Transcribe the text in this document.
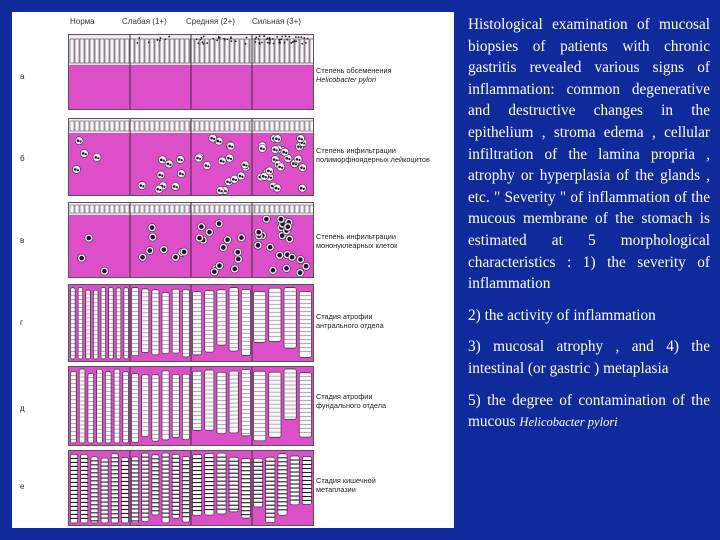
Норма	Слабая (1+) Средняя (2+) Сильная (3+)
а
Степень обсеменения
Helicobacter pylori
б
Степень инфильтрации
полиморфноядерных лейкоцитов
в	Степень инфильтрации
мононуклеарных клеток
г
Стадия атрофии
антрального отдела
д
Стадия атрофии
фундального отдела
е
Стадия кишечной
метаплазии

Histological examination of mucosal biopsies of patients with chronic gastritis revealed various signs of inflammation: common degenerative and destructive changes in the epithelium , stroma edema , cellular infiltration of the lamina propria , atrophy or hyperplasia of the glands , etc. " Severity " of inflammation of the mucous membrane of the stomach is estimated at 5 morphological characteristics : 1) the severity of inflammation

2) the activity of inflammation

3) mucosal atrophy , and 4) the intestinal (or gastric ) metaplasia

5) the degree of contamination of the mucous Helicobacter pylori
